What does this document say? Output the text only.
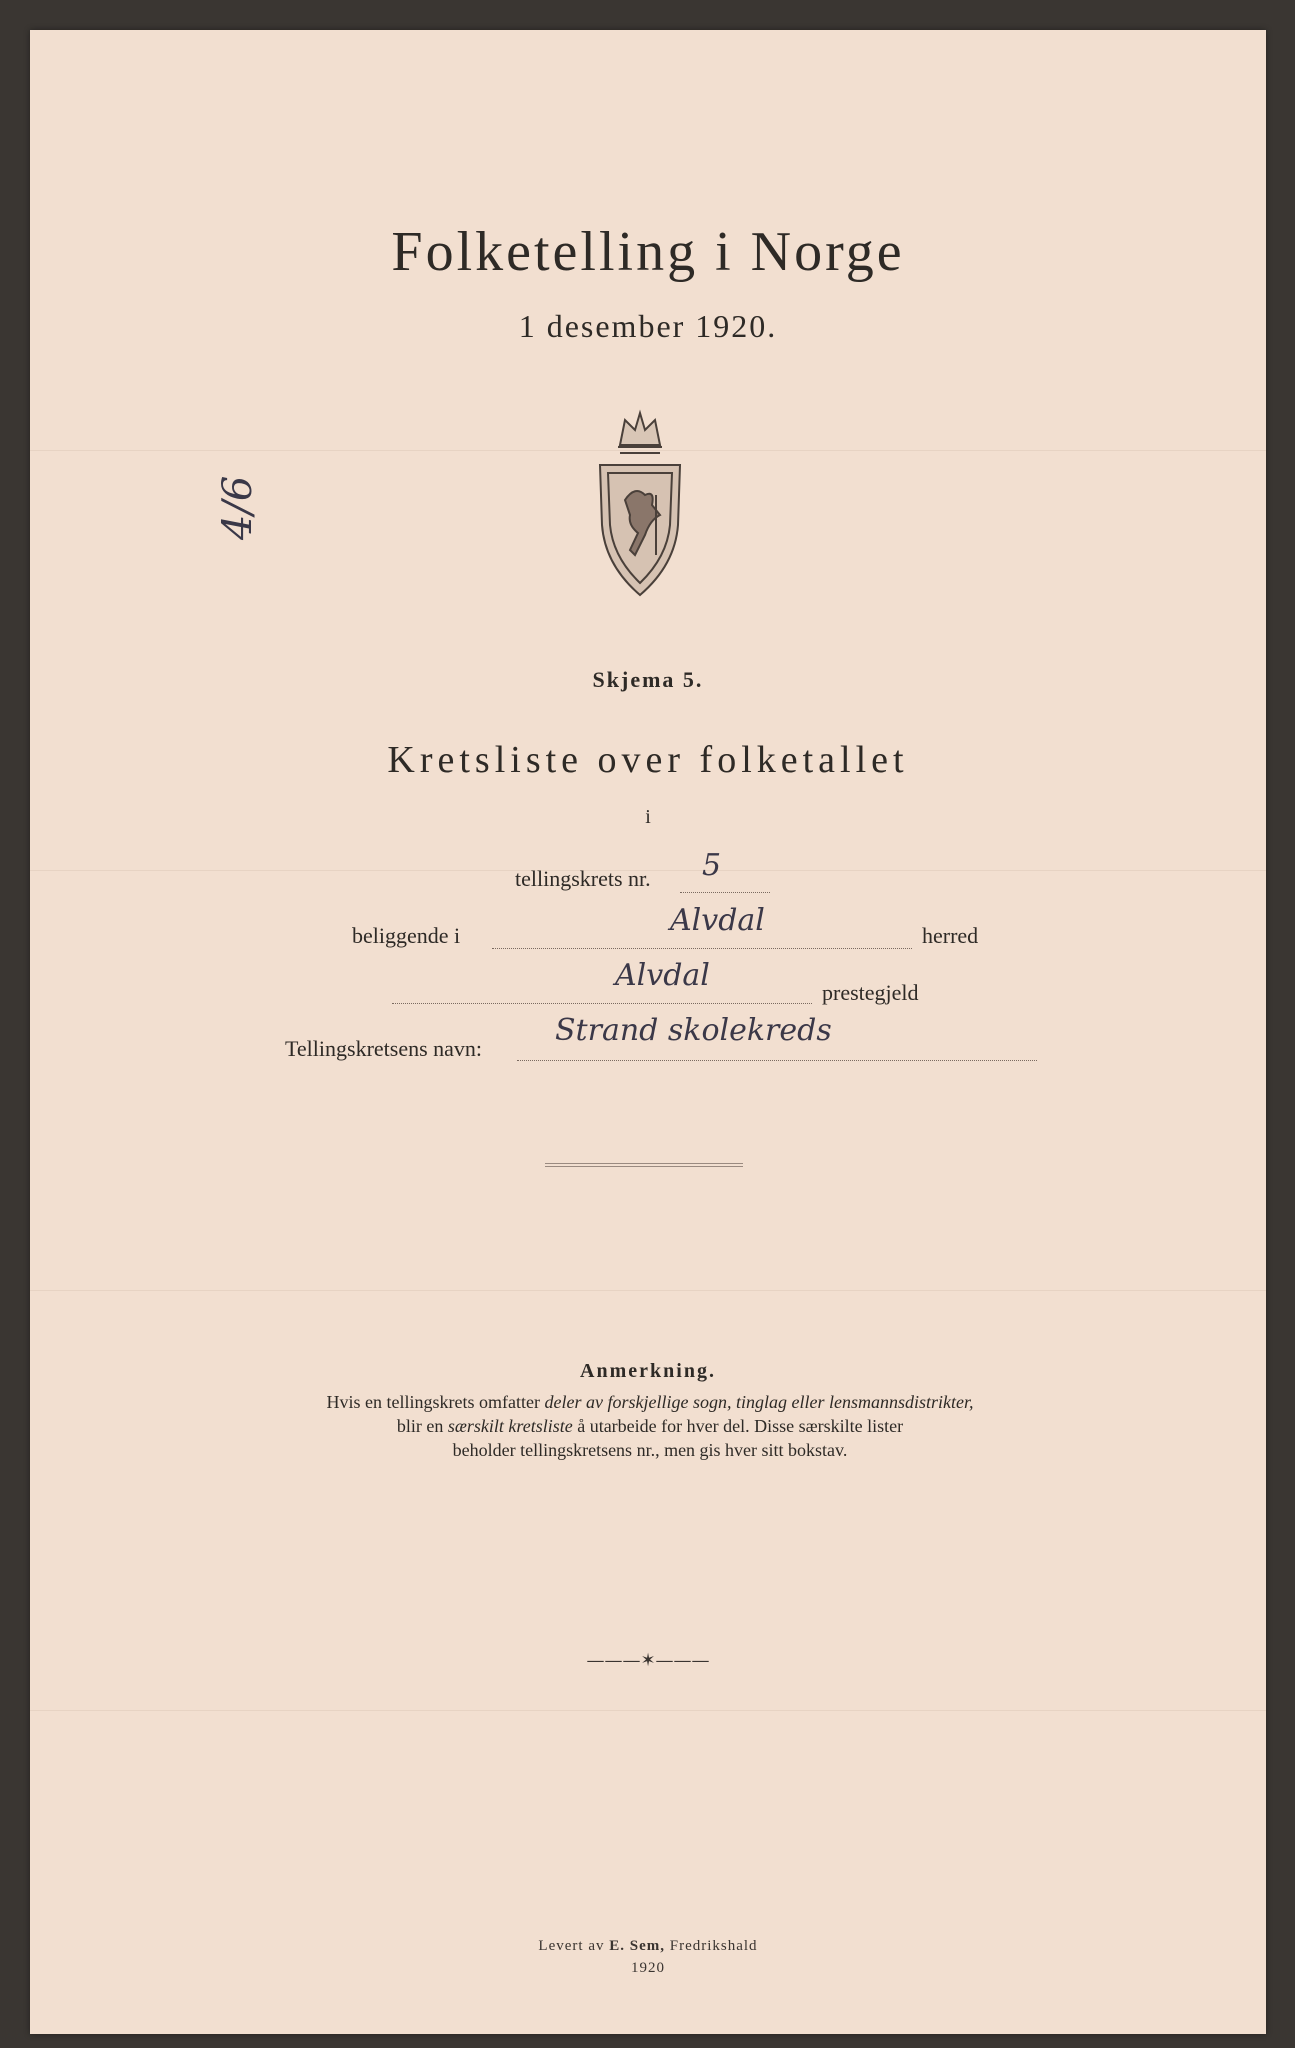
Folketelling i Norge
1 desember 1920.
4/6
Skjema 5.
Kretsliste over folketallet
i
tellingskrets nr. 5
beliggende i	Alvdal	herred
Alvdal	prestegjeld
Tellingskretsens navn:
Strand skolekreds
Anmerkning.
Hvis en tellingskrets omfatter deler av forskjellige sogn, tinglag eller lensmannsdistrikter,
blir en særskilt kretsliste å utarbeide for hver del. Disse særskilte lister
beholder tellingskretsens nr., men gis hver sitt bokstav.
———✶———
Levert av E. Sem, Fredrikshald
1920
